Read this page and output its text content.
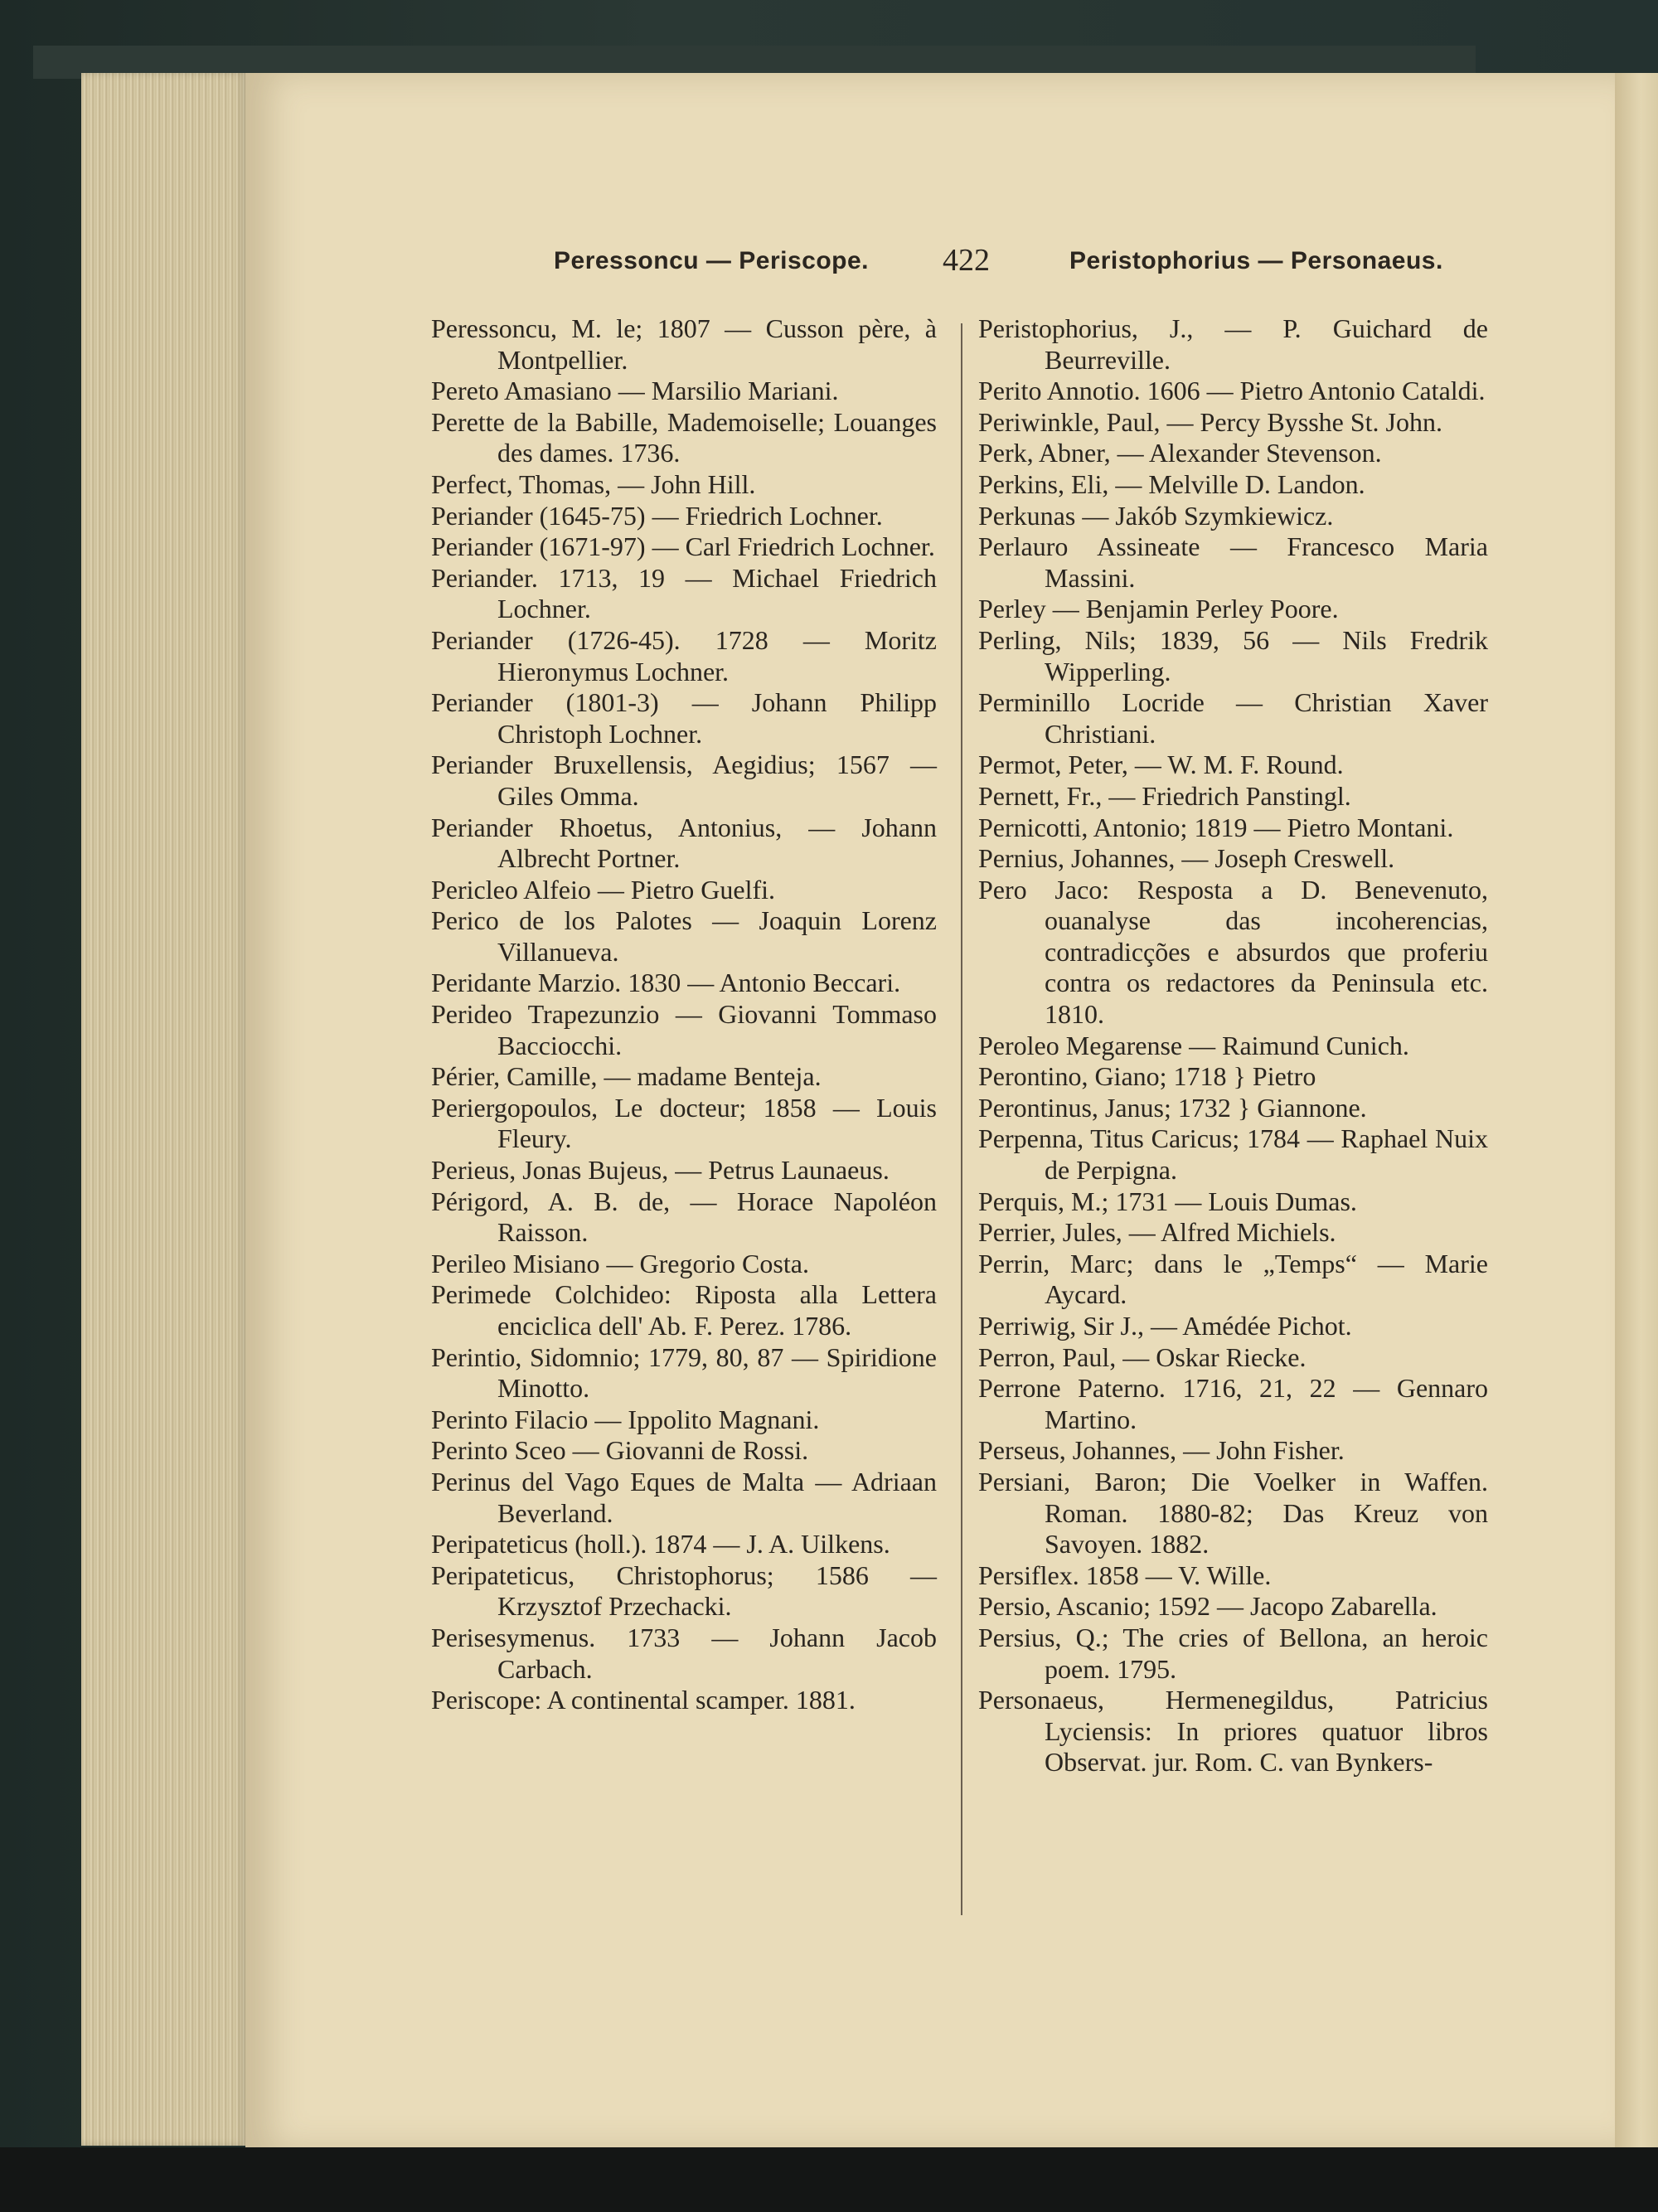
Peressoncu — Periscope. 422	Peristophorius — Personaeus.
Peressoncu, M. le; 1807 — Cusson père, à Montpellier.
Pereto Amasiano — Marsilio Mariani.
Perette de la Babille, Mademoiselle; Louanges des dames. 1736.
Perfect, Thomas, — John Hill.
Periander (1645-75) — Friedrich Lochner.
Periander (1671-97) — Carl Friedrich Lochner.
Periander. 1713, 19 — Michael Friedrich Lochner.
Periander (1726-45). 1728 — Moritz Hieronymus Lochner.
Periander (1801-3) — Johann Philipp Christoph Lochner.
Periander Bruxellensis, Aegidius; 1567 — Giles Omma.
Periander Rhoetus, Antonius, — Johann Albrecht Portner.
Pericleo Alfeio — Pietro Guelfi.
Perico de los Palotes — Joaquin Lorenz Villanueva.
Peridante Marzio. 1830 — Antonio Beccari.
Perideo Trapezunzio — Giovanni Tommaso Bacciocchi.
Périer, Camille, — madame Benteja.
Periergopoulos, Le docteur; 1858 — Louis Fleury.
Perieus, Jonas Bujeus, — Petrus Launaeus.
Périgord, A. B. de, — Horace Napoléon Raisson.
Perileo Misiano — Gregorio Costa.
Perimede Colchideo: Riposta alla Lettera enciclica dell' Ab. F. Perez. 1786.
Perintio, Sidomnio; 1779, 80, 87 — Spiridione Minotto.
Perinto Filacio — Ippolito Magnani.
Perinto Sceo — Giovanni de Rossi.
Perinus del Vago Eques de Malta — Adriaan Beverland.
Peripateticus (holl.). 1874 — J. A. Uilkens.
Peripateticus, Christophorus; 1586 — Krzysztof Przechacki.
Perisesymenus. 1733 — Johann Jacob Carbach.
Periscope: A continental scamper. 1881.
Peristophorius, J., — P. Guichard de Beurreville.
Perito Annotio. 1606 — Pietro Antonio Cataldi.
Periwinkle, Paul, — Percy Bysshe St. John.
Perk, Abner, — Alexander Stevenson.
Perkins, Eli, — Melville D. Landon.
Perkunas — Jakób Szymkiewicz.
Perlauro Assineate — Francesco Maria Massini.
Perley — Benjamin Perley Poore.
Perling, Nils; 1839, 56 — Nils Fredrik Wipperling.
Perminillo Locride — Christian Xaver Christiani.
Permot, Peter, — W. M. F. Round.
Pernett, Fr., — Friedrich Panstingl.
Pernicotti, Antonio; 1819 — Pietro Montani.
Pernius, Johannes, — Joseph Creswell.
Pero Jaco: Resposta a D. Benevenuto, ouanalyse das incoherencias, contradicções e absurdos que proferiu contra os redactores da Peninsula etc. 1810.
Peroleo Megarense — Raimund Cunich.
Perontino, Giano; 1718 } Pietro
Perontinus, Janus; 1732 } Giannone.
Perpenna, Titus Caricus; 1784 — Raphael Nuix de Perpigna.
Perquis, M.; 1731 — Louis Dumas.
Perrier, Jules, — Alfred Michiels.
Perrin, Marc; dans le „Temps“ — Marie Aycard.
Perriwig, Sir J., — Amédée Pichot.
Perron, Paul, — Oskar Riecke.
Perrone Paterno. 1716, 21, 22 — Gennaro Martino.
Perseus, Johannes, — John Fisher.
Persiani, Baron; Die Voelker in Waffen. Roman. 1880-82; Das Kreuz von Savoyen. 1882.
Persiflex. 1858 — V. Wille.
Persio, Ascanio; 1592 — Jacopo Zabarella.
Persius, Q.; The cries of Bellona, an heroic poem. 1795.
Personaeus, Hermenegildus, Patricius Lyciensis: In priores quatuor libros Observat. jur. Rom. C. van Bynkers-
